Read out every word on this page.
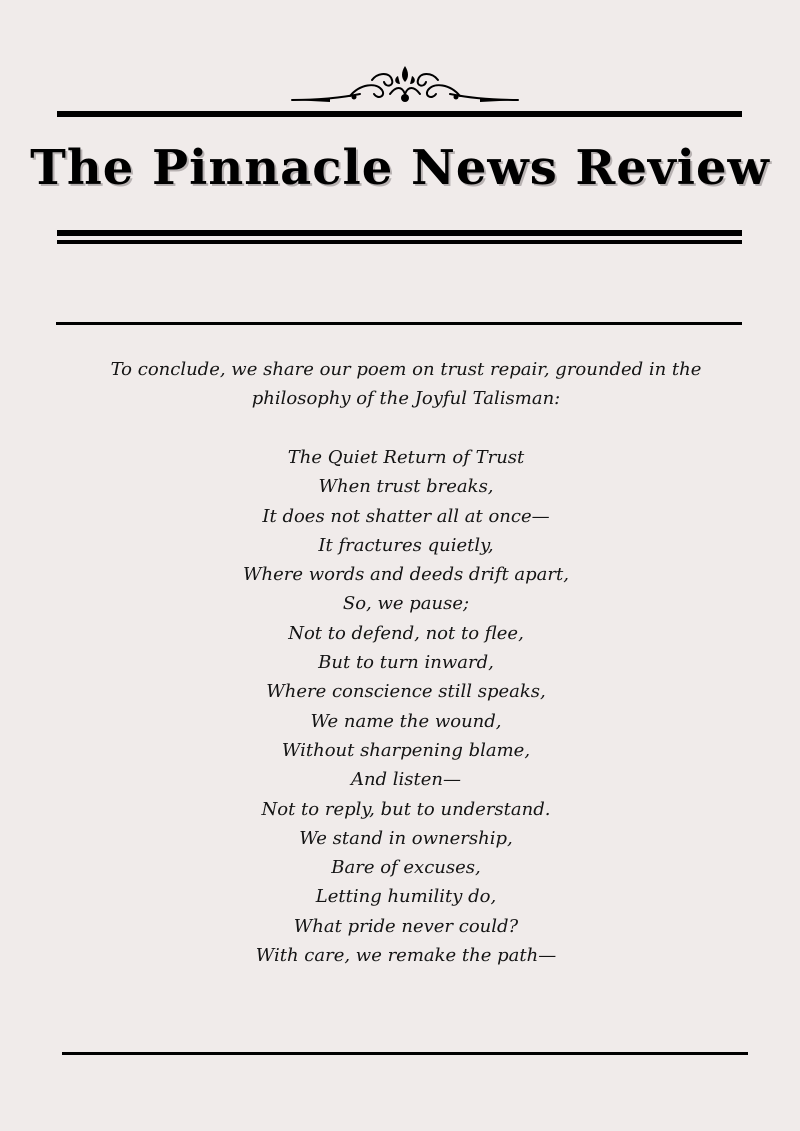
The Pinnacle News Review
To conclude, we share our poem on trust repair, grounded in the philosophy of the Joyful Talisman:
The Quiet Return of Trust
When trust breaks,
It does not shatter all at once—
It fractures quietly,
Where words and deeds drift apart,
So, we pause;
Not to defend, not to flee,
But to turn inward,
Where conscience still speaks,
We name the wound,
Without sharpening blame,
And listen—
Not to reply, but to understand.
We stand in ownership,
Bare of excuses,
Letting humility do,
What pride never could?
With care, we remake the path—
